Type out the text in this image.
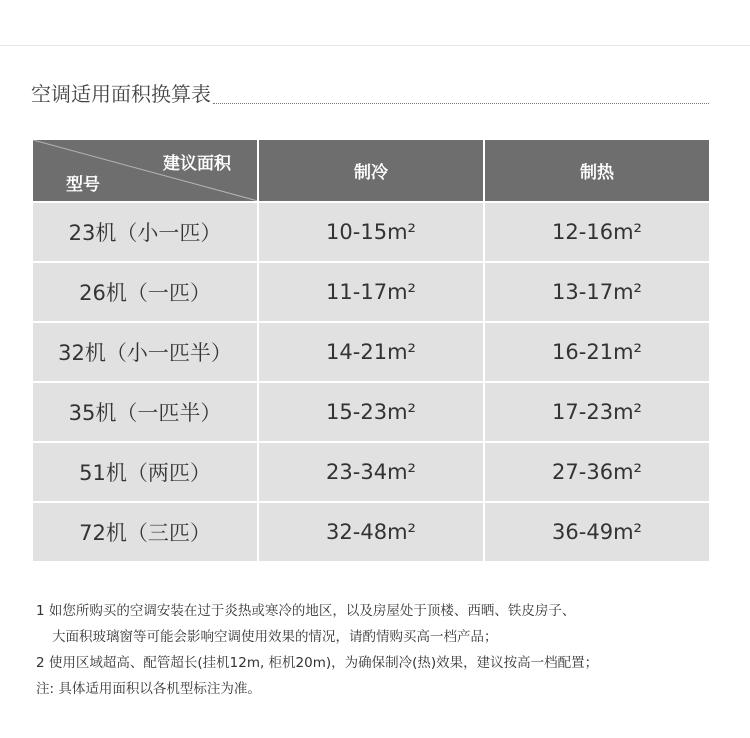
空调适用面积换算表
建议面积
型号	制冷	制热
23机（小一匹）	10-15m²	12-16m²
26机（一匹）	11-17m²	13-17m²
32机（小一匹半）	14-21m²	16-21m²
35机（一匹半）	15-23m²	17-23m²
51机（两匹）	23-34m²	27-36m²
72机（三匹）	32-48m²	36-49m²
1 如您所购买的空调安装在过于炎热或寒冷的地区，以及房屋处于顶楼、西晒、铁皮房子、
大面积玻璃窗等可能会影响空调使用效果的情况，请酌情购买高一档产品；
2 使用区域超高、配管超长(挂机12m, 柜机20m)，为确保制冷(热)效果，建议按高一档配置；
注: 具体适用面积以各机型标注为准。
